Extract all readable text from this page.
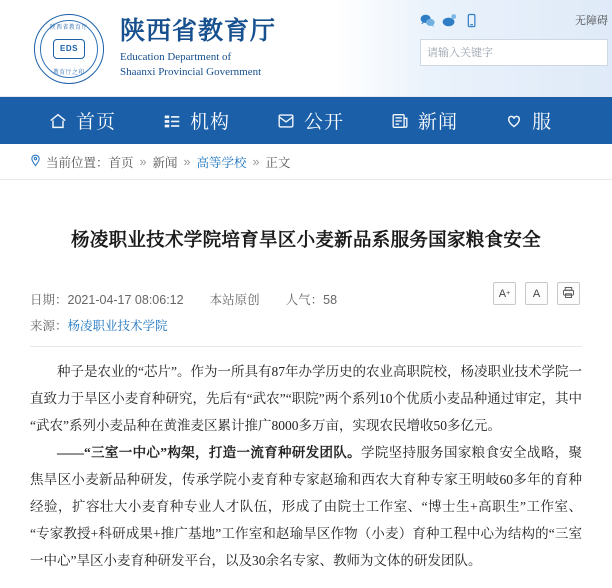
陕西省教育厅
EDS
教育厅之印
陕西省教育厅
Education Department of
Shaanxi Provincial Government
无障碍
请输入关键字
首页	机构	公开	新闻	服
当前位置： 首页 » 新闻 » 高等学校 » 正文
杨凌职业技术学院培育旱区小麦新品系服务国家粮食安全
日期：2021-04-17 08:06:12 本站原创 人气：58	A + A
来源：杨凌职业技术学院

种子是农业的“芯片”。作为一所具有87年办学历史的农业高职院校，杨凌职业技术学院一直致力于旱区小麦育种研究，先后有“武农”“职院”两个系列10个优质小麦品种通过审定，其中“武农”系列小麦品种在黄淮麦区累计推广8000多万亩，实现农民增收50多亿元。

——“三室一中心”构架，打造一流育种研发团队。学院坚持服务国家粮食安全战略，聚焦旱区小麦新品种研发，传承学院小麦育种专家赵瑜和西农大育种专家王明岐60多年的育种经验，扩容壮大小麦育种专业人才队伍，形成了由院士工作室、“博士生+高职生”工作室、“专家教授+科研成果+推广基地”工作室和赵瑜旱区作物（小麦）育种工程中心为结构的“三室一中心”旱区小麦育种研发平台，以及30余名专家、教师为文体的研发团队。
